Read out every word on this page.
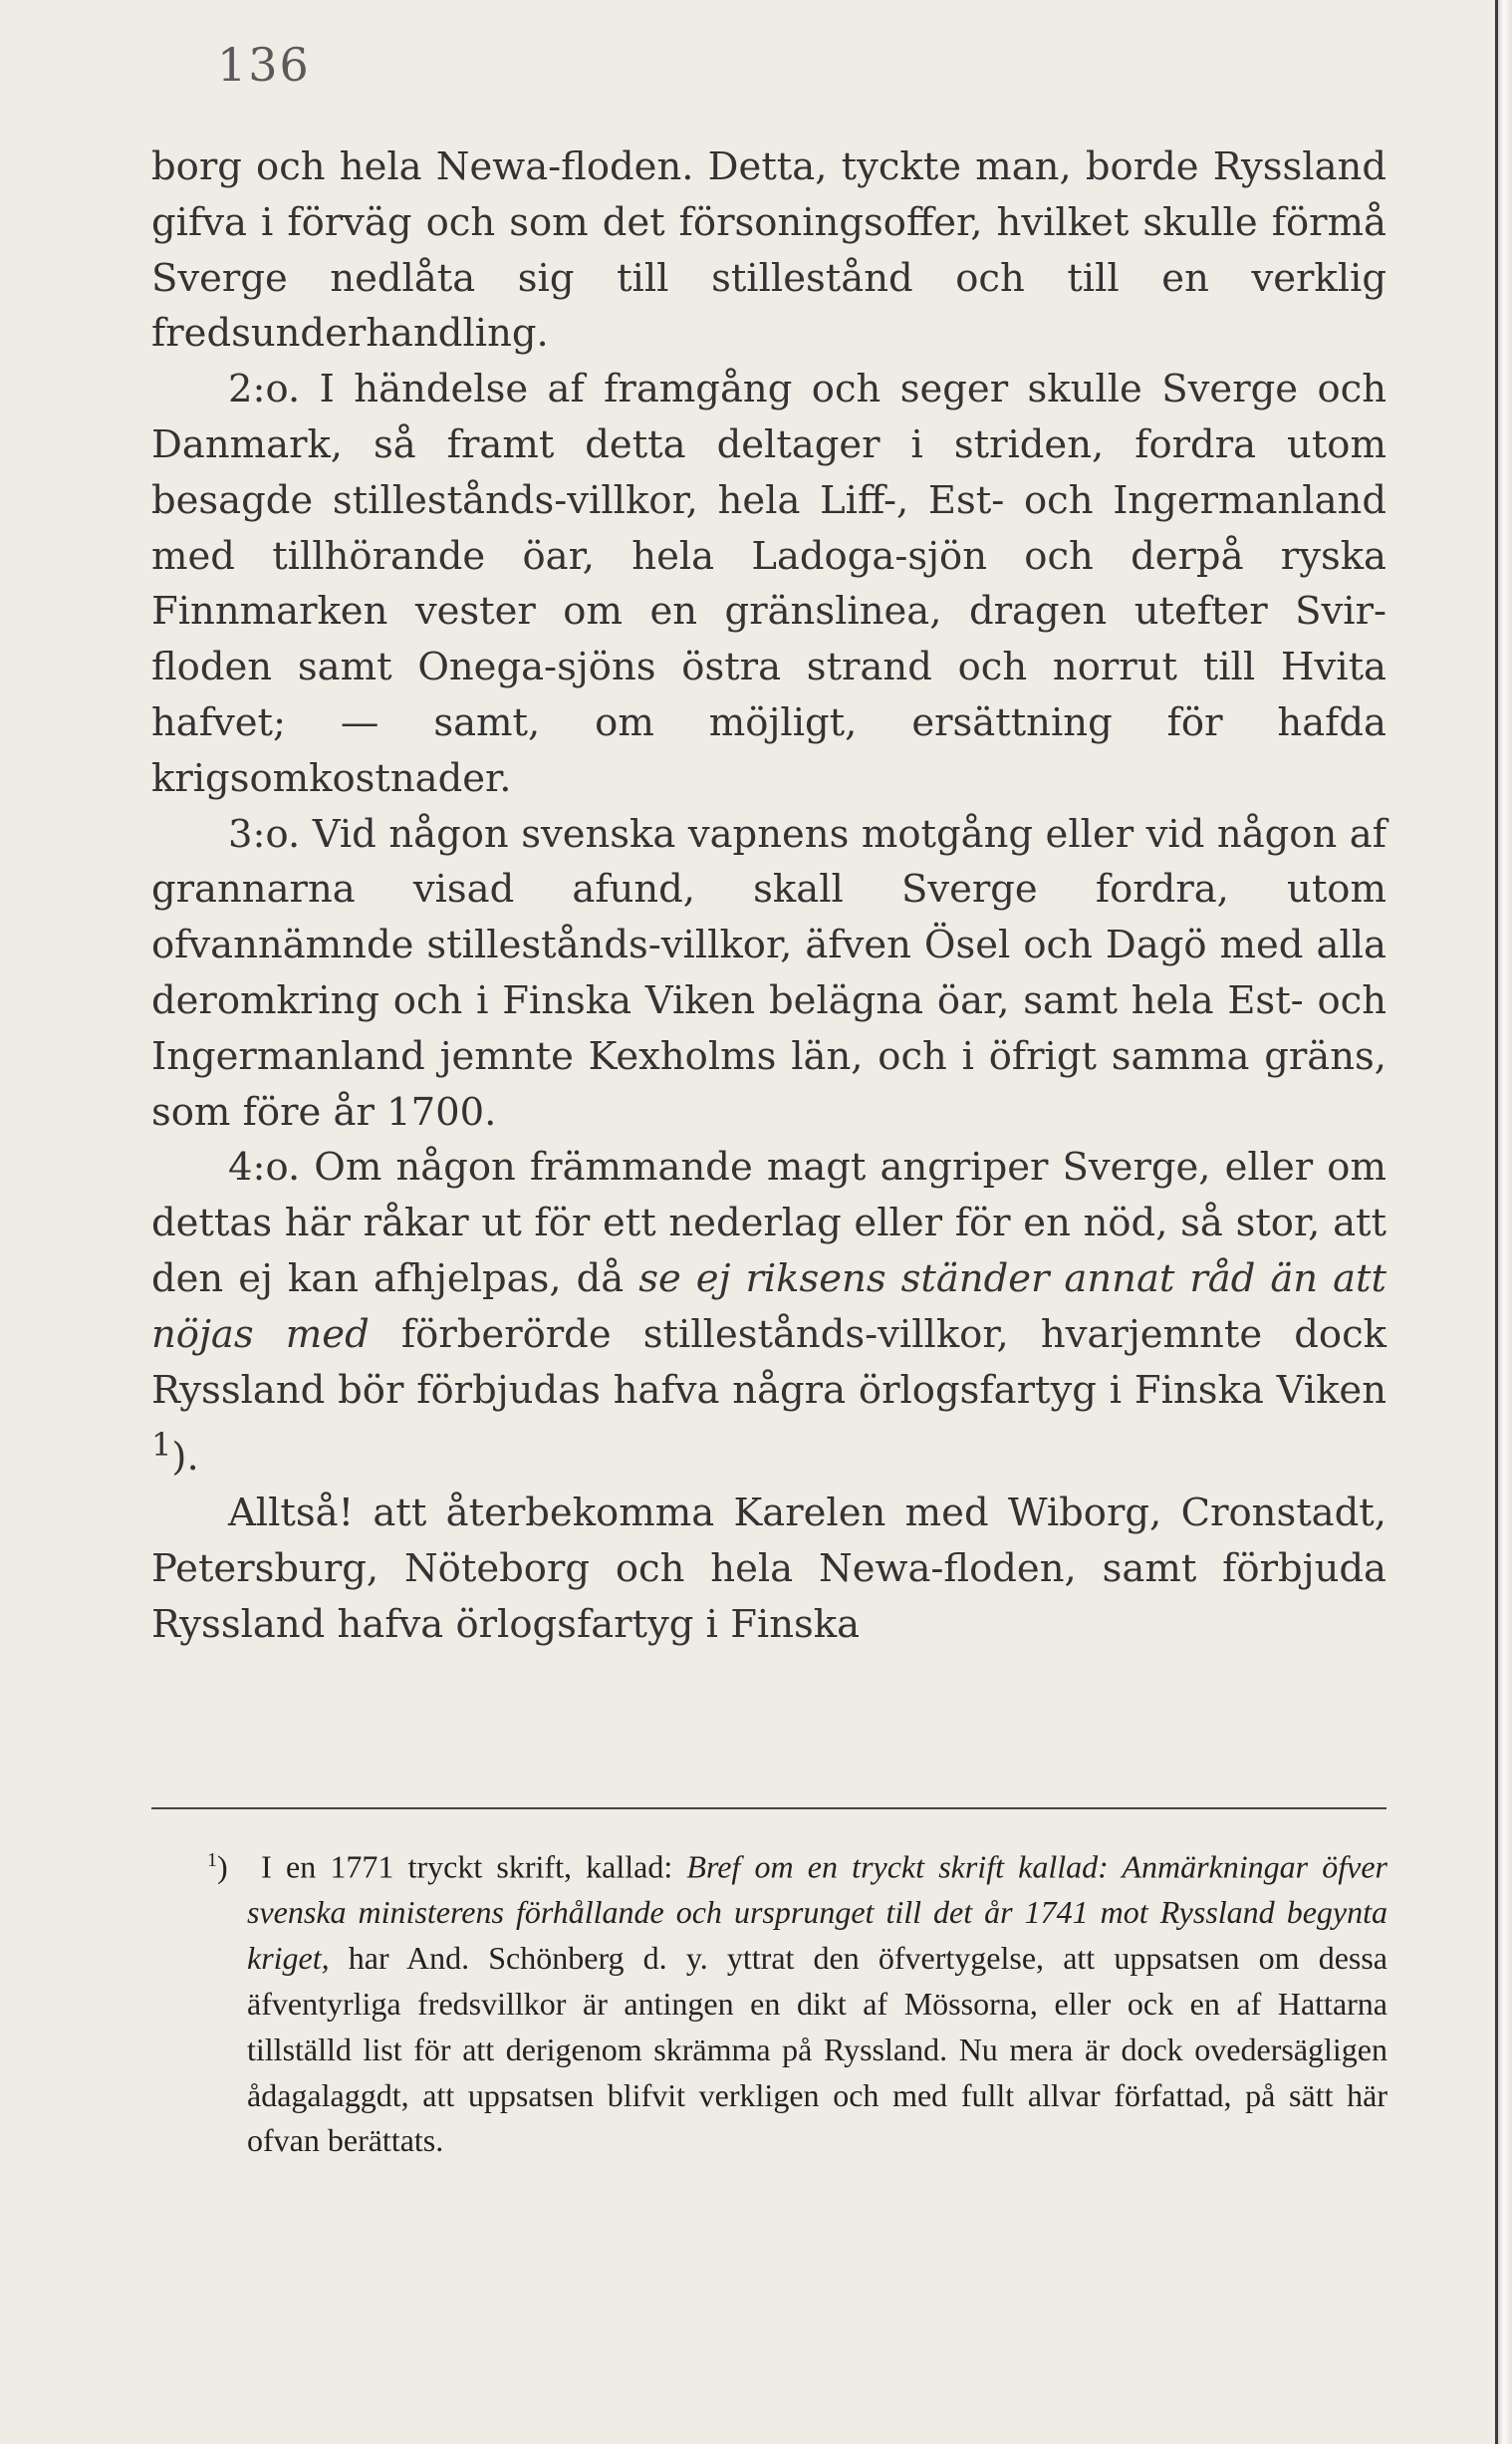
136

borg och hela Newa-floden. Detta, tyckte man, borde Ryssland gifva i förväg och som det försoningsoffer, hvilket skulle förmå Sverge nedlåta sig till stillestånd och till en verklig fredsunderhandling.

2:o. I händelse af framgång och seger skulle Sverge och Danmark, så framt detta deltager i striden, fordra utom besagde stillestånds-villkor, hela Liff-, Est- och Ingermanland med tillhörande öar, hela Ladoga-sjön och derpå ryska Finnmarken vester om en gränslinea, dragen utefter Svir-floden samt Onega-sjöns östra strand och norrut till Hvita hafvet; — samt, om möjligt, ersättning för hafda krigsomkostnader.

3:o. Vid någon svenska vapnens motgång eller vid någon af grannarna visad afund, skall Sverge fordra, utom ofvannämnde stillestånds-villkor, äfven Ösel och Dagö med alla deromkring och i Finska Viken belägna öar, samt hela Est- och Ingermanland jemnte Kexholms län, och i öfrigt samma gräns, som före år 1700.

4:o. Om någon främmande magt angriper Sverge, eller om dettas här råkar ut för ett nederlag eller för en nöd, så stor, att den ej kan afhjelpas, då se ej riksens ständer annat råd än att nöjas med förberörde stillestånds-villkor, hvarjemnte dock Ryssland bör förbjudas hafva några örlogsfartyg i Finska Viken $^1$).

Alltså! att återbekomma Karelen med Wiborg, Cronstadt, Petersburg, Nöteborg och hela Newa-floden, samt förbjuda Ryssland hafva örlogsfartyg i Finska

$^1$) I en 1771 tryckt skrift, kallad: Bref om en tryckt skrift kallad: Anmärkningar öfver svenska ministerens förhållande och ursprunget till det år 1741 mot Ryssland begynta kriget, har And. Schönberg d. y. yttrat den öfvertygelse, att uppsatsen om dessa äfventyrliga fredsvillkor är antingen en dikt af Mössorna, eller ock en af Hattarna tillställd list för att derigenom skrämma på Ryssland. Nu mera är dock ovedersägligen ådagalaggdt, att uppsatsen blifvit verkligen och med fullt allvar författad, på sätt här ofvan berättats.
